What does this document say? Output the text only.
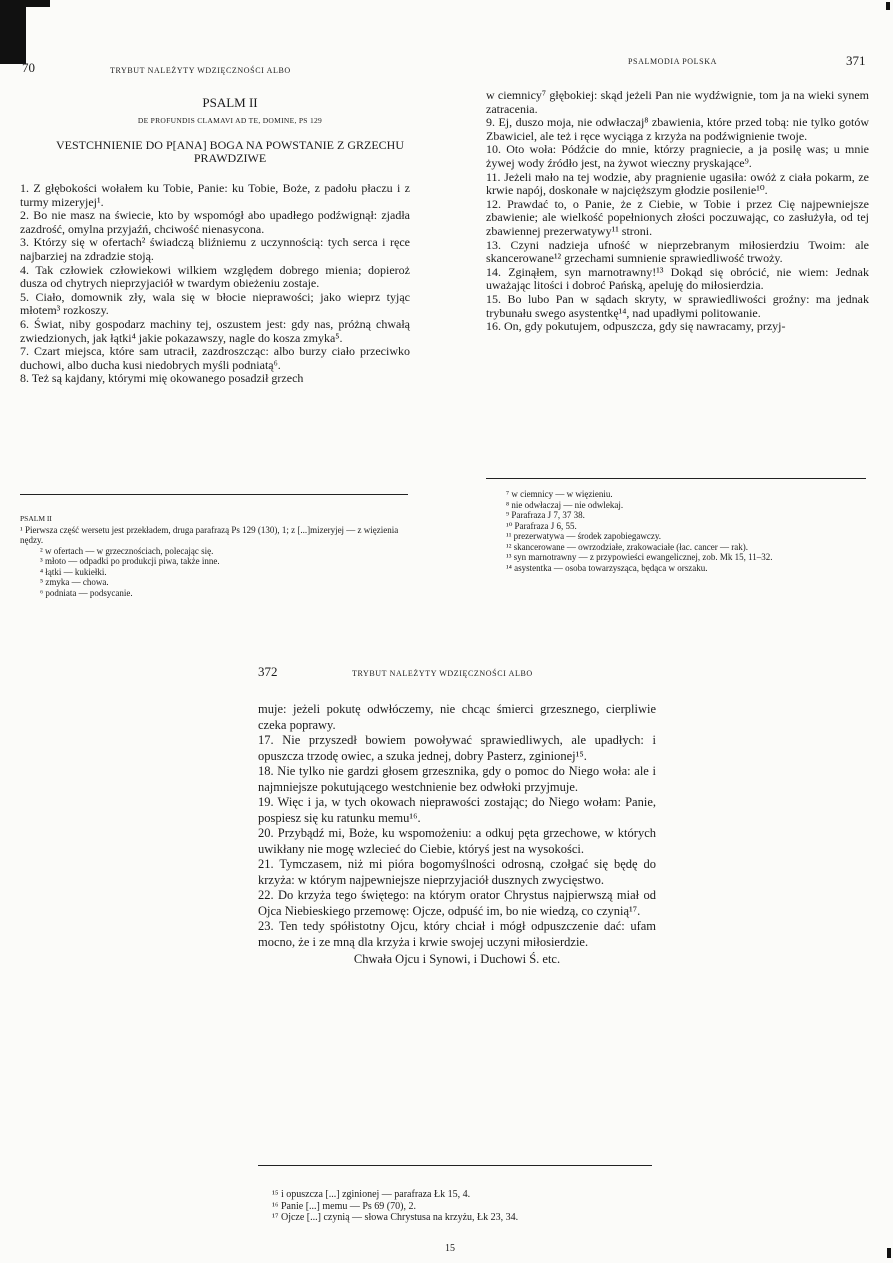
70	TRYBUT NALEŻYTY WDZIĘCZNOŚCI ALBO
PSALM II
DE PROFUNDIS CLAMAVI AD TE, DOMINE, PS 129
VESTCHNIENIE DO P[ANA] BOGA NA POWSTANIE Z GRZECHU
PRAWDZIWE

1. Z głębokości wołałem ku Tobie, Panie: ku Tobie, Boże, z padołu płaczu i z turmy mizeryjej¹.

2. Bo nie masz na świecie, kto by wspomógł abo upadłego podźwignął: zjadła zazdrość, omylna przyjaźń, chciwość nienasycona.

3. Którzy się w ofertach² świadczą bliźniemu z uczynnością: tych serca i ręce najbarziej na zdradzie stoją.

4. Tak człowiek człowiekowi wilkiem względem dobrego mienia; dopieroż dusza od chytrych nieprzyjaciół w twardym obieżeniu zostaje.

5. Ciało, domownik zły, wala się w błocie nieprawości; jako wieprz tyjąc młotem³ rozkoszy.

6. Świat, niby gospodarz machiny tej, oszustem jest: gdy nas, próżną chwałą zwiedzionych, jak łątki⁴ jakie pokazawszy, nagle do kosza zmyka⁵.

7. Czart miejsca, które sam utracił, zazdroszcząc: albo burzy ciało przeciwko duchowi, albo ducha kusi niedobrych myśli podniatą⁶.

8. Też są kajdany, którymi mię okowanego posadził grzech

PSALM II
¹ Pierwsza część wersetu jest przekładem, druga parafrazą Ps 129 (130), 1; z [...]mizeryjej — z więzienia nędzy.
² w ofertach — w grzecznościach, polecając się.
³ młoto — odpadki po produkcji piwa, także inne.
⁴ łątki — kukiełki.
⁵ zmyka — chowa.
⁶ podniata — podsycanie.
PSALMODIA POLSKA	371

w ciemnicy⁷ głębokiej: skąd jeżeli Pan nie wydźwignie, tom ja na wieki synem zatracenia.

9. Ej, duszo moja, nie odwłaczaj⁸ zbawienia, które przed tobą: nie tylko gotów Zbawiciel, ale też i ręce wyciąga z krzyża na podźwignienie twoje.

10. Oto woła: Pódźcie do mnie, którzy pragniecie, a ja posilę was; u mnie żywej wody źródło jest, na żywot wieczny pryskające⁹.

11. Jeżeli mało na tej wodzie, aby pragnienie ugasiła: owóż z ciała pokarm, ze krwie napój, doskonałe w najcięższym głodzie posilenie¹⁰.

12. Prawdać to, o Panie, że z Ciebie, w Tobie i przez Cię najpewniejsze zbawienie; ale wielkość popełnionych złości poczuwając, co zasłużyła, od tej zbawiennej prezerwatywy¹¹ stroni.

13. Czyni nadzieja ufność w nieprzebranym miłosierdziu Twoim: ale skancerowane¹² grzechami sumnienie sprawiedliwość trwoży.

14. Zginąłem, syn marnotrawny!¹³ Dokąd się obrócić, nie wiem: Jednak uważając litości i dobroć Pańską, apeluję do miłosierdzia.

15. Bo lubo Pan w sądach skryty, w sprawiedliwości groźny: ma jednak trybunału swego asystentkę¹⁴, nad upadłymi politowanie.

16. On, gdy pokutujem, odpuszcza, gdy się nawracamy, przyj-

⁷ w ciemnicy — w więzieniu.
⁸ nie odwłaczaj — nie odwlekaj.
⁹ Parafraza J 7, 37 38.
¹⁰ Parafraza J 6, 55.
¹¹ prezerwatywa — środek zapobiegawczy.
¹² skancerowane — owrzodziałe, zrakowaciałe (łac. cancer — rak).
¹³ syn marnotrawny — z przypowieści ewangelicznej, zob. Mk 15, 11–32.
¹⁴ asystentka — osoba towarzysząca, będąca w orszaku.
372	TRYBUT NALEŻYTY WDZIĘCZNOŚCI ALBO

muje: jeżeli pokutę odwłóczemy, nie chcąc śmierci grzesznego, cierpliwie czeka poprawy.

17. Nie przyszedł bowiem powoływać sprawiedliwych, ale upadłych: i opuszcza trzodę owiec, a szuka jednej, dobry Pasterz, zginionej¹⁵.

18. Nie tylko nie gardzi głosem grzesznika, gdy o pomoc do Niego woła: ale i najmniejsze pokutującego westchnienie bez odwłoki przyjmuje.

19. Więc i ja, w tych okowach nieprawości zostając; do Niego wołam: Panie, pospiesz się ku ratunku memu¹⁶.

20. Przybądź mi, Boże, ku wspomożeniu: a odkuj pęta grzechowe, w których uwikłany nie mogę wzlecieć do Ciebie, któryś jest na wysokości.

21. Tymczasem, niż mi pióra bogomyślności odrosną, czołgać się będę do krzyża: w którym najpewniejsze nieprzyjaciół dusznych zwycięstwo.

22. Do krzyża tego świętego: na którym orator Chrystus najpierwszą miał od Ojca Niebieskiego przemowę: Ojcze, odpuść im, bo nie wiedzą, co czynią¹⁷.

23. Ten tedy spółistotny Ojcu, który chciał i mógł odpuszczenie dać: ufam mocno, że i ze mną dla krzyża i krwie swojej uczyni miłosierdzie.

Chwała Ojcu i Synowi, i Duchowi Ś. etc.

¹⁵ i opuszcza [...] zginionej — parafraza Łk 15, 4.
¹⁶ Panie [...] memu — Ps 69 (70), 2.
¹⁷ Ojcze [...] czynią — słowa Chrystusa na krzyżu, Łk 23, 34.
15
